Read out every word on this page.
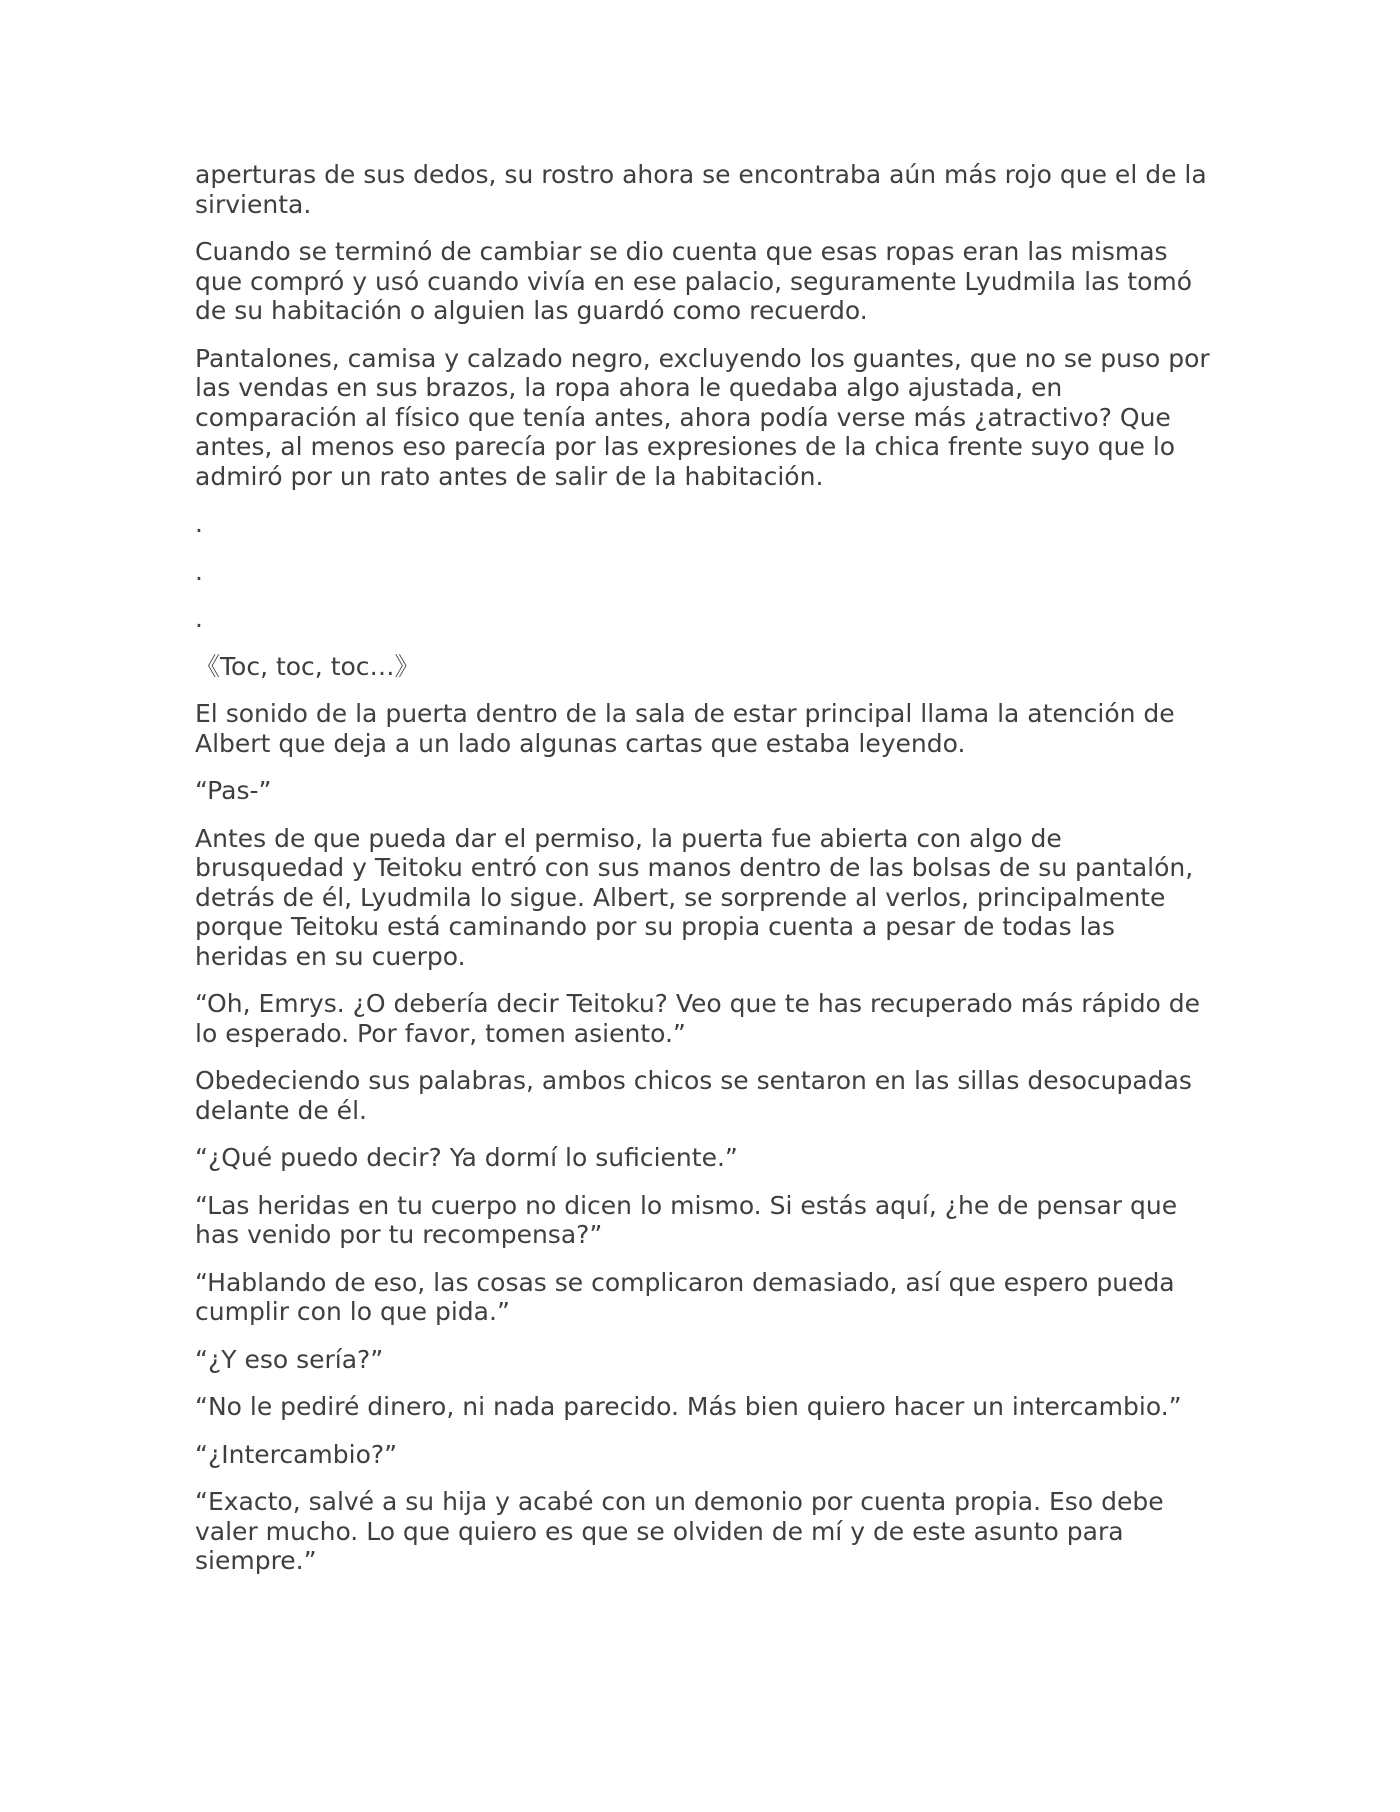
aperturas de sus dedos, su rostro ahora se encontraba aún más rojo que el de la sirvienta.

Cuando se terminó de cambiar se dio cuenta que esas ropas eran las mismas que compró y usó cuando vivía en ese palacio, seguramente Lyudmila las tomó de su habitación o alguien las guardó como recuerdo.

Pantalones, camisa y calzado negro, excluyendo los guantes, que no se puso por las vendas en sus brazos, la ropa ahora le quedaba algo ajustada, en comparación al físico que tenía antes, ahora podía verse más ¿atractivo? Que antes, al menos eso parecía por las expresiones de la chica frente suyo que lo admiró por un rato antes de salir de la habitación.

.

.

.

《Toc, toc, toc…》

El sonido de la puerta dentro de la sala de estar principal llama la atención de Albert que deja a un lado algunas cartas que estaba leyendo.

“Pas-”

Antes de que pueda dar el permiso, la puerta fue abierta con algo de brusquedad y Teitoku entró con sus manos dentro de las bolsas de su pantalón, detrás de él, Lyudmila lo sigue. Albert, se sorprende al verlos, principalmente porque Teitoku está caminando por su propia cuenta a pesar de todas las heridas en su cuerpo.

“Oh, Emrys. ¿O debería decir Teitoku? Veo que te has recuperado más rápido de lo esperado. Por favor, tomen asiento.”

Obedeciendo sus palabras, ambos chicos se sentaron en las sillas desocupadas delante de él.

“¿Qué puedo decir? Ya dormí lo suficiente.”

“Las heridas en tu cuerpo no dicen lo mismo. Si estás aquí, ¿he de pensar que has venido por tu recompensa?”

“Hablando de eso, las cosas se complicaron demasiado, así que espero pueda cumplir con lo que pida.”

“¿Y eso sería?”

“No le pediré dinero, ni nada parecido. Más bien quiero hacer un intercambio.”

“¿Intercambio?”

“Exacto, salvé a su hija y acabé con un demonio por cuenta propia. Eso debe valer mucho. Lo que quiero es que se olviden de mí y de este asunto para siempre.”
